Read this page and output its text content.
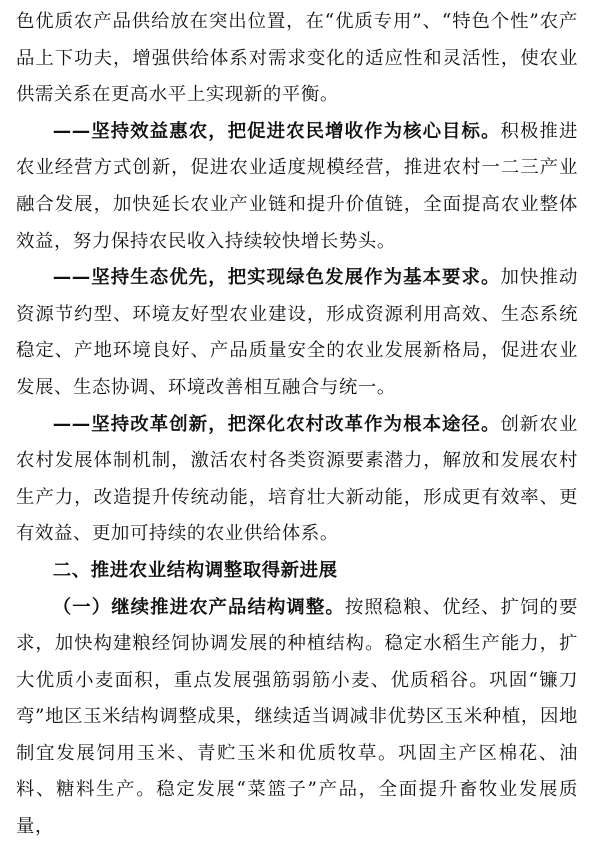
色优质农产品供给放在突出位置，在“优质专用”、“特色个性”农产品上下功夫，增强供给体系对需求变化的适应性和灵活性，使农业供需关系在更高水平上实现新的平衡。

——坚持效益惠农，把促进农民增收作为核心目标。积极推进农业经营方式创新，促进农业适度规模经营，推进农村一二三产业融合发展，加快延长农业产业链和提升价值链，全面提高农业整体效益，努力保持农民收入持续较快增长势头。

——坚持生态优先，把实现绿色发展作为基本要求。加快推动资源节约型、环境友好型农业建设，形成资源利用高效、生态系统稳定、产地环境良好、产品质量安全的农业发展新格局，促进农业发展、生态协调、环境改善相互融合与统一。

——坚持改革创新，把深化农村改革作为根本途径。创新农业农村发展体制机制，激活农村各类资源要素潜力，解放和发展农村生产力，改造提升传统动能，培育壮大新动能，形成更有效率、更有效益、更加可持续的农业供给体系。

二、推进农业结构调整取得新进展

（一）继续推进农产品结构调整。按照稳粮、优经、扩饲的要求，加快构建粮经饲协调发展的种植结构。稳定水稻生产能力，扩大优质小麦面积，重点发展强筋弱筋小麦、优质稻谷。巩固“镰刀弯”地区玉米结构调整成果，继续适当调减非优势区玉米种植，因地制宜发展饲用玉米、青贮玉米和优质牧草。巩固主产区棉花、油料、糖料生产。稳定发展“菜篮子”产品，全面提升畜牧业发展质量，
